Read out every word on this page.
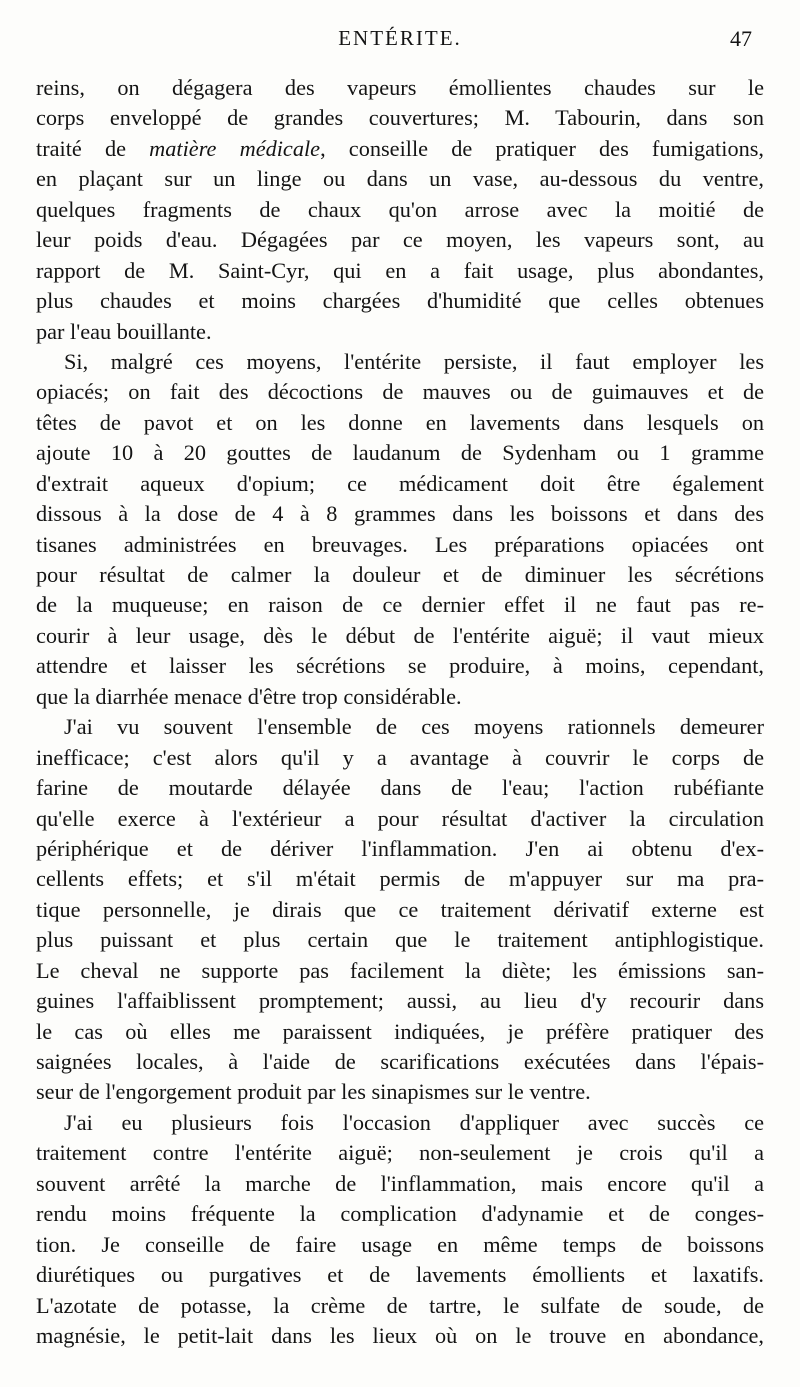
ENTÉRITE.	47
reins, on dégagera des vapeurs émollientes chaudes sur le
corps enveloppé de grandes couvertures; M. Tabourin, dans son
traité de matière médicale, conseille de pratiquer des fumigations,
en plaçant sur un linge ou dans un vase, au-dessous du ventre,
quelques fragments de chaux qu'on arrose avec la moitié de
leur poids d'eau. Dégagées par ce moyen, les vapeurs sont, au
rapport de M. Saint-Cyr, qui en a fait usage, plus abondantes,
plus chaudes et moins chargées d'humidité que celles obtenues
par l'eau bouillante.
Si, malgré ces moyens, l'entérite persiste, il faut employer les
opiacés; on fait des décoctions de mauves ou de guimauves et de
têtes de pavot et on les donne en lavements dans lesquels on
ajoute 10 à 20 gouttes de laudanum de Sydenham ou 1 gramme
d'extrait aqueux d'opium; ce médicament doit être également
dissous à la dose de 4 à 8 grammes dans les boissons et dans des
tisanes administrées en breuvages. Les préparations opiacées ont
pour résultat de calmer la douleur et de diminuer les sécrétions
de la muqueuse; en raison de ce dernier effet il ne faut pas re-
courir à leur usage, dès le début de l'entérite aiguë; il vaut mieux
attendre et laisser les sécrétions se produire, à moins, cependant,
que la diarrhée menace d'être trop considérable.
J'ai vu souvent l'ensemble de ces moyens rationnels demeurer
inefficace; c'est alors qu'il y a avantage à couvrir le corps de
farine de moutarde délayée dans de l'eau; l'action rubéfiante
qu'elle exerce à l'extérieur a pour résultat d'activer la circulation
périphérique et de dériver l'inflammation. J'en ai obtenu d'ex-
cellents effets; et s'il m'était permis de m'appuyer sur ma pra-
tique personnelle, je dirais que ce traitement dérivatif externe est
plus puissant et plus certain que le traitement antiphlogistique.
Le cheval ne supporte pas facilement la diète; les émissions san-
guines l'affaiblissent promptement; aussi, au lieu d'y recourir dans
le cas où elles me paraissent indiquées, je préfère pratiquer des
saignées locales, à l'aide de scarifications exécutées dans l'épais-
seur de l'engorgement produit par les sinapismes sur le ventre.
J'ai eu plusieurs fois l'occasion d'appliquer avec succès ce
traitement contre l'entérite aiguë; non-seulement je crois qu'il a
souvent arrêté la marche de l'inflammation, mais encore qu'il a
rendu moins fréquente la complication d'adynamie et de conges-
tion. Je conseille de faire usage en même temps de boissons
diurétiques ou purgatives et de lavements émollients et laxatifs.
L'azotate de potasse, la crème de tartre, le sulfate de soude, de
magnésie, le petit-lait dans les lieux où on le trouve en abondance,
